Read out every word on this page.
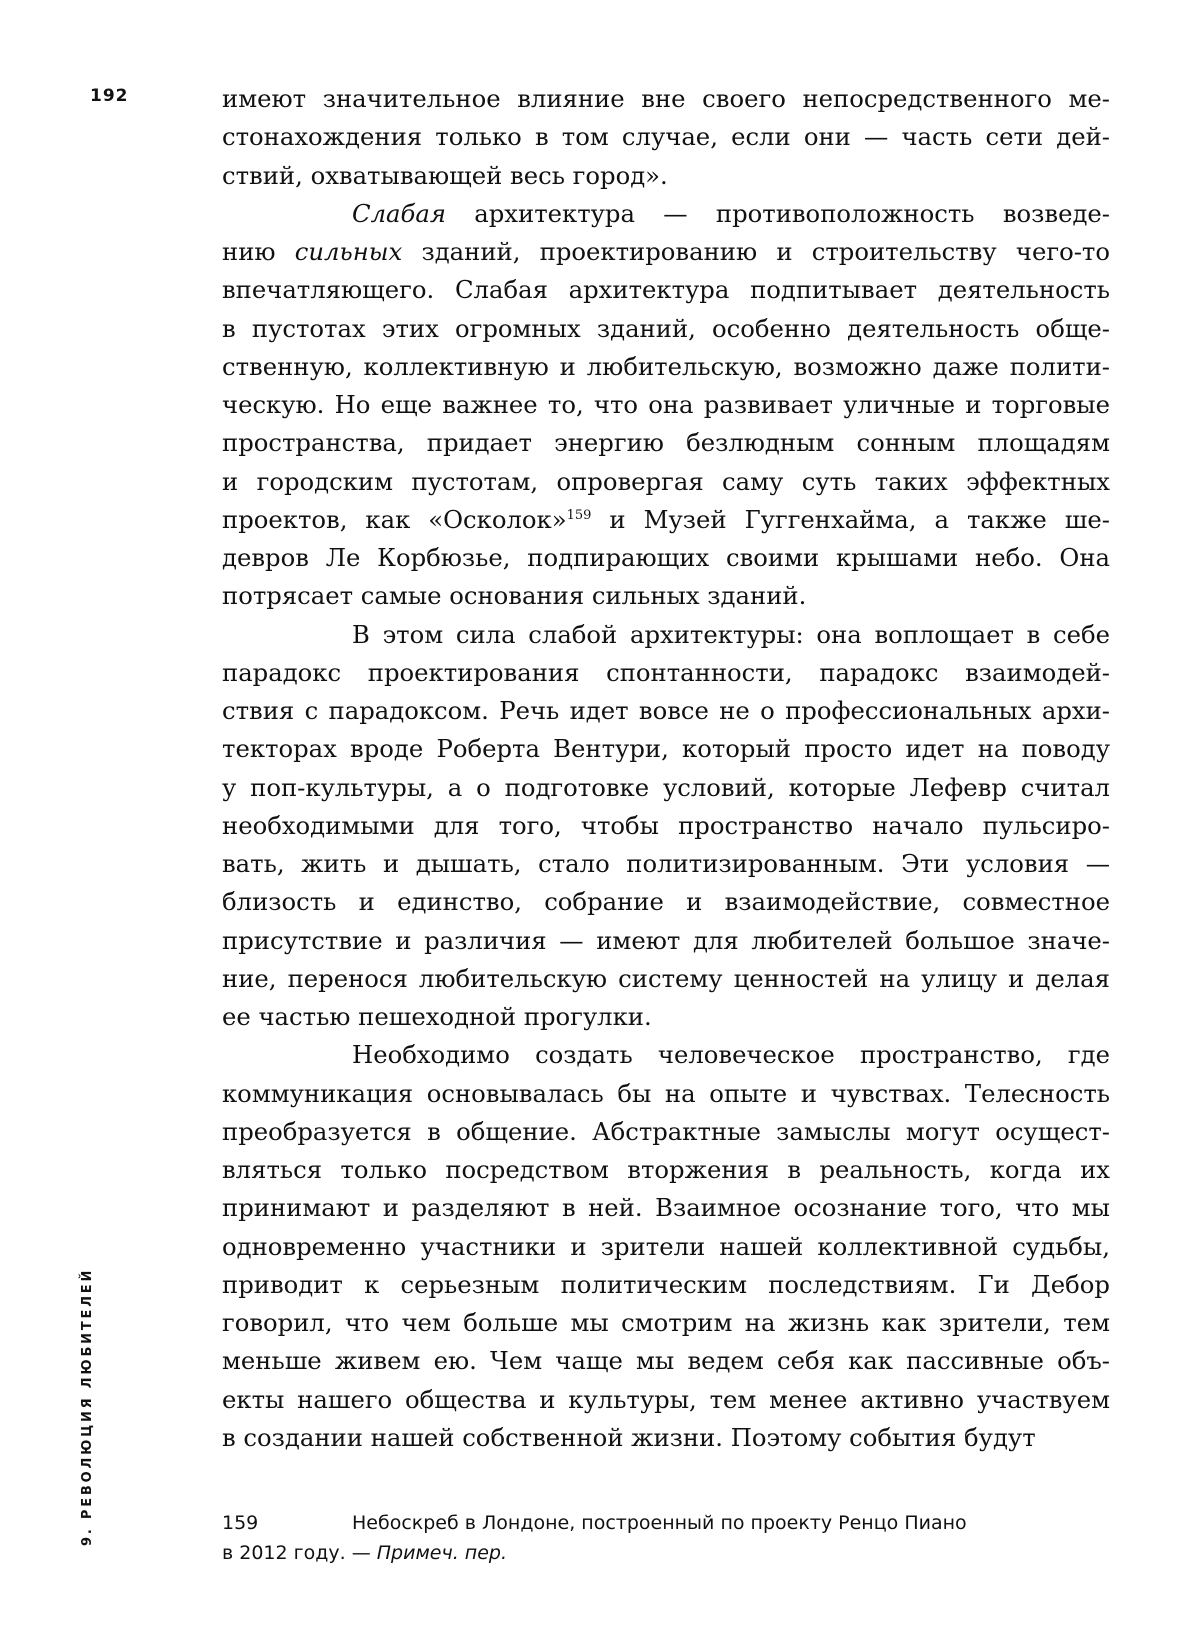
192
9. РЕВОЛЮЦИЯ ЛЮБИТЕЛЕЙ
имеют значительное влияние вне своего непосредственного ме-
стонахождения только в том случае, если они — часть сети дей-
ствий, охватывающей весь город».
Слабая архитектура — противоположность возведе-
нию сильных зданий, проектированию и строительству чего-то
впечатляющего. Слабая архитектура подпитывает деятельность
в пустотах этих огромных зданий, особенно деятельность обще-
ственную, коллективную и любительскую, возможно даже полити-
ческую. Но еще важнее то, что она развивает уличные и торговые
пространства, придает энергию безлюдным сонным площадям
и городским пустотам, опровергая саму суть таких эффектных
проектов, как «Осколок»$^{159}$ и Музей Гуггенхайма, а также ше-
девров Ле Корбюзье, подпирающих своими крышами небо. Она
потрясает самые основания сильных зданий.
В этом сила слабой архитектуры: она воплощает в себе
парадокс проектирования спонтанности, парадокс взаимодей-
ствия с парадоксом. Речь идет вовсе не о профессиональных архи-
текторах вроде Роберта Вентури, который просто идет на поводу
у поп-культуры, а о подготовке условий, которые Лефевр считал
необходимыми для того, чтобы пространство начало пульсиро-
вать, жить и дышать, стало политизированным. Эти условия —
близость и единство, собрание и взаимодействие, совместное
присутствие и различия — имеют для любителей большое значе-
ние, перенося любительскую систему ценностей на улицу и делая
ее частью пешеходной прогулки.
Необходимо создать человеческое пространство, где
коммуникация основывалась бы на опыте и чувствах. Телесность
преобразуется в общение. Абстрактные замыслы могут осущест-
вляться только посредством вторжения в реальность, когда их
принимают и разделяют в ней. Взаимное осознание того, что мы
одновременно участники и зрители нашей коллективной судьбы,
приводит к серьезным политическим последствиям. Ги Дебор
говорил, что чем больше мы смотрим на жизнь как зрители, тем
меньше живем ею. Чем чаще мы ведем себя как пассивные объ-
екты нашего общества и культуры, тем менее активно участвуем
в создании нашей собственной жизни. Поэтому события будут
159	Небоскреб в Лондоне, построенный по проекту Ренцо Пиано
в 2012 году. — Примеч. пер.
